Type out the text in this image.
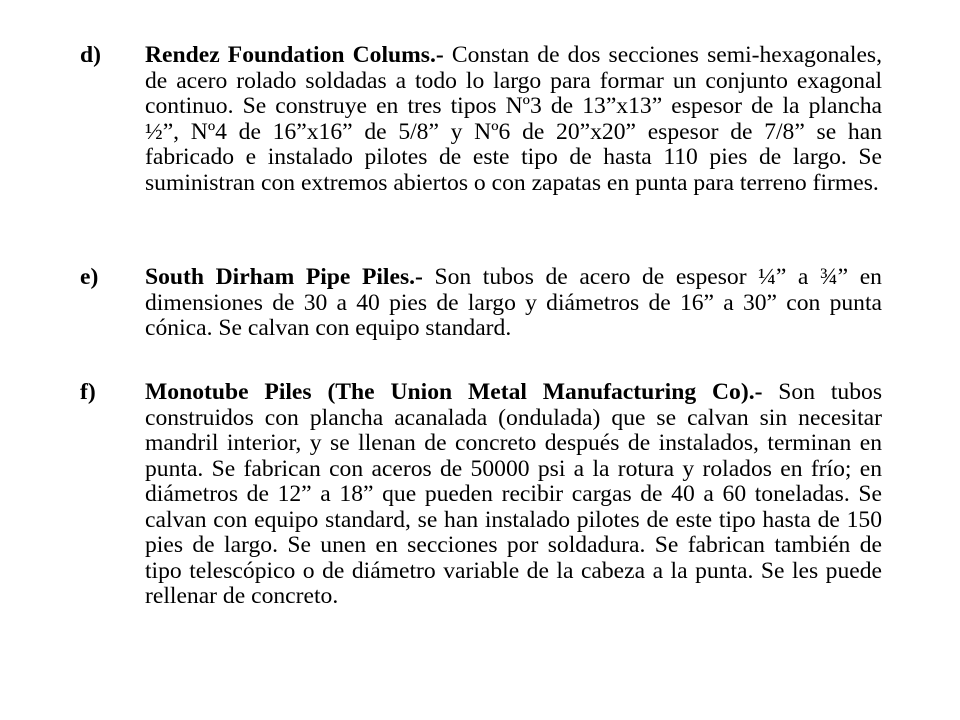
d)	Rendez Foundation Colums.- Constan de dos secciones semi-hexagonales, de acero rolado soldadas a todo lo largo para formar un conjunto exagonal continuo. Se construye en tres tipos Nº3 de 13”x13” espesor de la plancha ½”, Nº4 de 16”x16” de 5/8” y Nº6 de 20”x20” espesor de 7/8” se han fabricado e instalado pilotes de este tipo de hasta 110 pies de largo. Se suministran con extremos abiertos o con zapatas en punta para terreno firmes.
e)	South Dirham Pipe Piles.- Son tubos de acero de espesor ¼” a ¾” en dimensiones de 30 a 40 pies de largo y diámetros de 16” a 30” con punta cónica. Se calvan con equipo standard.
f)	Monotube Piles (The Union Metal Manufacturing Co).- Son tubos construidos con plancha acanalada (ondulada) que se calvan sin necesitar mandril interior, y se llenan de concreto después de instalados, terminan en punta. Se fabrican con aceros de 50000 psi a la rotura y rolados en frío; en diámetros de 12” a 18” que pueden recibir cargas de 40 a 60 toneladas. Se calvan con equipo standard, se han instalado pilotes de este tipo hasta de 150 pies de largo. Se unen en secciones por soldadura. Se fabrican también de tipo telescópico o de diámetro variable de la cabeza a la punta. Se les puede rellenar de concreto.
